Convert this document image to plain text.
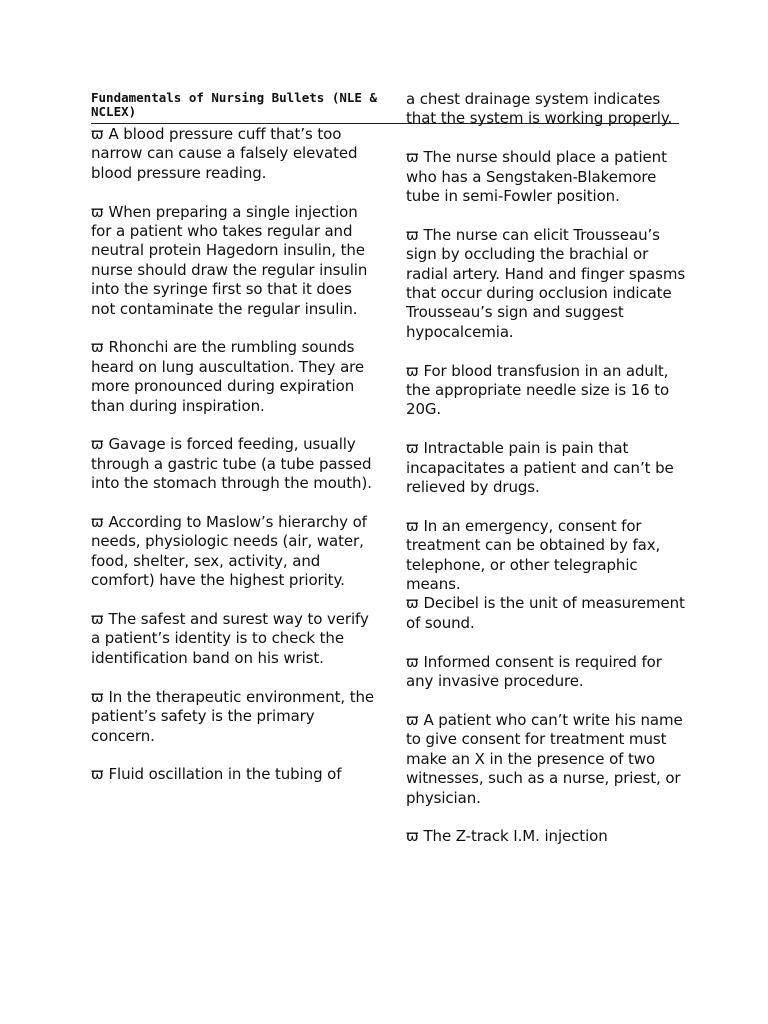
Fundamentals of Nursing Bullets (NLE & NCLEX)

ϖ A blood pressure cuff that’s too narrow can cause a falsely elevated blood pressure reading.

ϖ When preparing a single injection for a patient who takes regular and neutral protein Hagedorn insulin, the nurse should draw the regular insulin into the syringe first so that it does not contaminate the regular insulin.

ϖ Rhonchi are the rumbling sounds heard on lung auscultation. They are more pronounced during expiration than during inspiration.

ϖ Gavage is forced feeding, usually through a gastric tube (a tube passed into the stomach through the mouth).

ϖ According to Maslow’s hierarchy of needs, physiologic needs (air, water, food, shelter, sex, activity, and comfort) have the highest priority.

ϖ The safest and surest way to verify a patient’s identity is to check the identification band on his wrist.

ϖ In the therapeutic environment, the patient’s safety is the primary concern.

ϖ Fluid oscillation in the tubing of

a chest drainage system indicates that the system is working properly.

ϖ The nurse should place a patient who has a Sengstaken-Blakemore tube in semi-Fowler position.

ϖ The nurse can elicit Trousseau’s sign by occluding the brachial or radial artery. Hand and finger spasms that occur during occlusion indicate Trousseau’s sign and suggest hypocalcemia.

ϖ For blood transfusion in an adult, the appropriate needle size is 16 to 20G.

ϖ Intractable pain is pain that incapacitates a patient and can’t be relieved by drugs.

ϖ In an emergency, consent for treatment can be obtained by fax, telephone, or other telegraphic means.

ϖ Decibel is the unit of measurement of sound.

ϖ Informed consent is required for any invasive procedure.

ϖ A patient who can’t write his name to give consent for treatment must make an X in the presence of two witnesses, such as a nurse, priest, or physician.

ϖ The Z-track I.M. injection
